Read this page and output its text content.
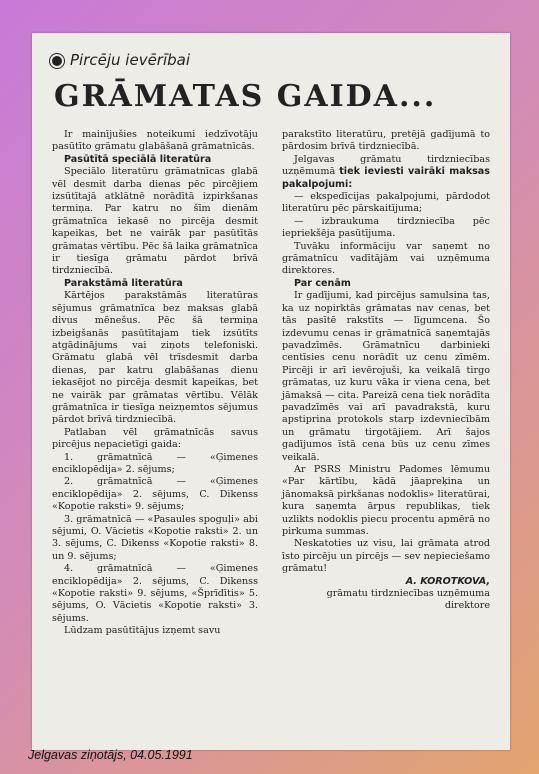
Pircēju ievērībai
GRĀMATAS GAIDA...

Ir mainījušies noteikumi iedzīvotāju pasūtīto grāmatu glabāšanā grāmatnīcās.

Pasūtītā speciālā literatūra

Speciālo literatūru grāmatnīcas glabā vēl desmit darba dienas pēc pircējiem izsūtītajā atklātnē norādītā izpirkšanas termiņa. Par katru no šīm dienām grāmatnīca iekasē no pircēja desmit kapeikas, bet ne vairāk par pasūtītās grāmatas vērtību. Pēc šā laika grāmatnīca ir tiesīga grāmatu pārdot brīvā tirdzniecībā.

Parakstāmā literatūra

Kārtējos parakstāmās literatūras sējumus grāmatnīca bez maksas glabā divus mēnešus. Pēc šā termiņa izbeigšanās pasūtītajam tiek izsūtīts atgādinājums vai ziņots telefoniski. Grāmatu glabā vēl trīsdesmit darba dienas, par katru glabāšanas dienu iekasējot no pircēja desmit kapeikas, bet ne vairāk par grāmatas vērtību. Vēlāk grāmatnīca ir tiesīga neizņemtos sējumus pārdot brīvā tirdzniecībā.

Patlaban vēl grāmatnīcās savus pircējus nepacietīgi gaida:

1. grāmatnīcā — «Ģimenes enciklopēdija» 2. sējums;

2. grāmatnīcā — «Ģimenes enciklopēdija» 2. sējums, C. Dikenss «Kopotie raksti» 9. sējums;

3. grāmatnīcā — «Pasaules spoguļi» abi sējumi, O. Vācietis «Kopotie raksti» 2. un 3. sējums, C. Dikenss «Kopotie raksti» 8. un 9. sējums;

4. grāmatnīcā — «Ģimenes enciklopēdija» 2. sējums, C. Dikenss «Kopotie raksti» 9. sējums, «Šprīdītis» 5. sējums, O. Vācietis «Kopotie raksti» 3. sējums.

Lūdzam pasūtītājus izņemt savu

parakstīto literatūru, pretējā gadījumā to pārdosim brīvā tirdzniecībā.

Jelgavas grāmatu tirdzniecības uzņēmumā tiek ieviesti vairāki maksas pakalpojumi:

— ekspedīcijas pakalpojumi, pārdodot literatūru pēc pārskaitījuma;

— izbraukuma tirdzniecība pēc iepriekšēja pasūtījuma.

Tuvāku informāciju var saņemt no grāmatnīcu vadītājām vai uzņēmuma direktores.

Par cenām

Ir gadījumi, kad pircējus samulsina tas, ka uz nopirktās grāmatas nav cenas, bet tās pasītē rakstīts — līgumcena. Šo izdevumu cenas ir grāmatnīcā saņemtajās pavadzīmēs. Grāmatnīcu darbinieki centīsies cenu norādīt uz cenu zīmēm. Pircēji ir arī ievērojuši, ka veikalā tirgo grāmatas, uz kuru vāka ir viena cena, bet jāmaksā — cita. Pareizā cena tiek norādīta pavadzīmēs vai arī pavadrakstā, kuru apstiprina protokols starp izdevniecībām un grāmatu tirgotājiem. Arī šajos gadījumos īstā cena būs uz cenu zīmes veikalā.

Ar PSRS Ministru Padomes lēmumu «Par kārtību, kādā jāapreķina un jānomaksā pirkšanas nodoklis» literatūrai, kura saņemta ārpus republikas, tiek uzlikts nodoklis piecu procentu apmērā no pirkuma summas.

Neskatoties uz visu, lai grāmata atrod īsto pircēju un pircējs — sev nepieciešamo grāmatu!

A. KOROTKOVA,

grāmatu tirdzniecības uzņēmuma direktore

Jelgavas ziņotājs, 04.05.1991
